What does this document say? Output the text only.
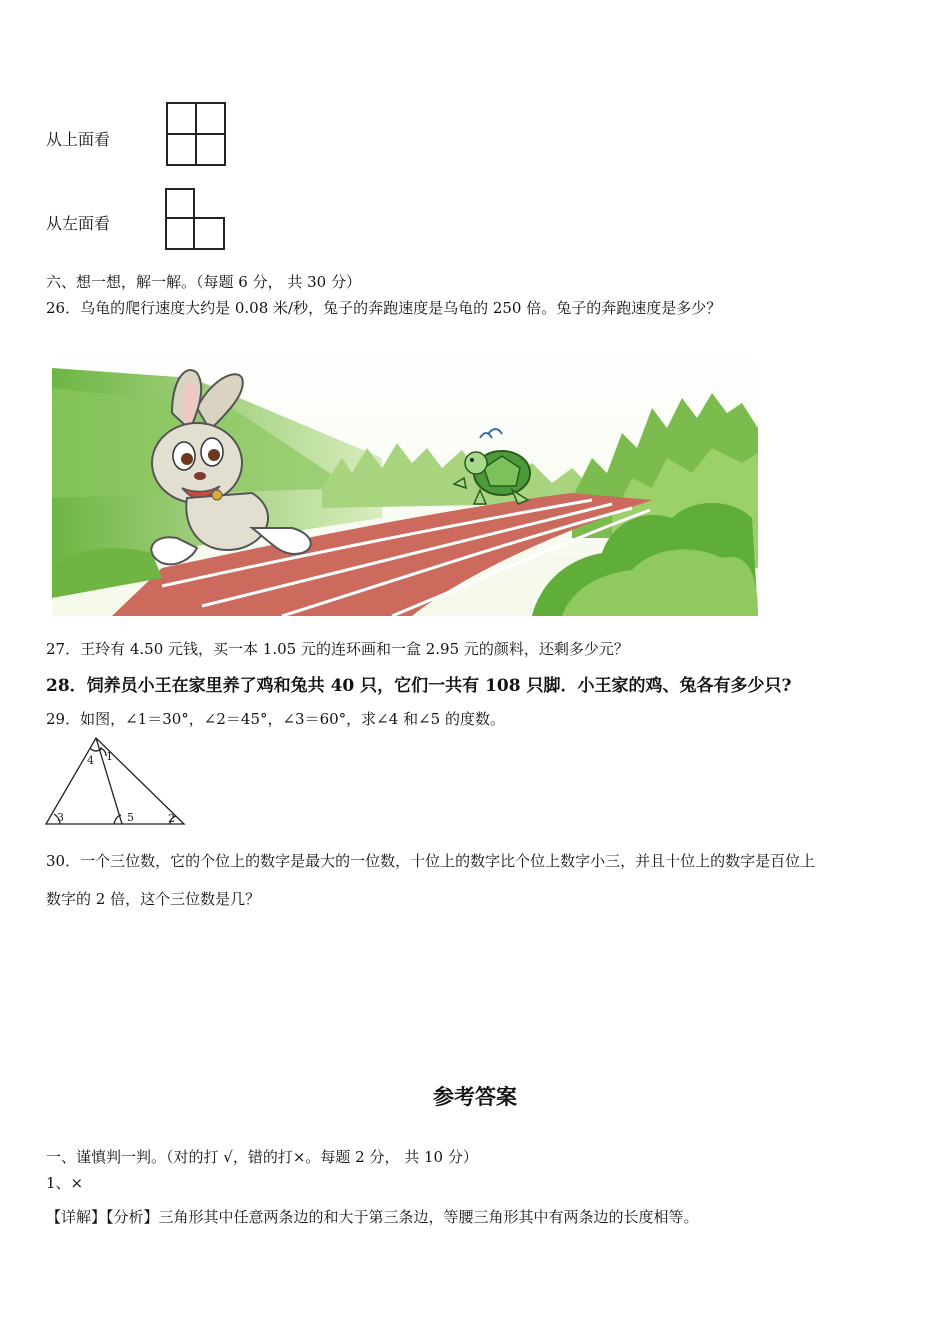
从上面看
从左面看
六、想一想，解一解。（每题 6 分， 共 30 分）
26．乌龟的爬行速度大约是 0.08 米/秒，兔子的奔跑速度是乌龟的 250 倍。兔子的奔跑速度是多少？
27．王玲有 4.50 元钱，买一本 1.05 元的连环画和一盒 2.95 元的颜料，还剩多少元？
28．饲养员小王在家里养了鸡和兔共 40 只，它们一共有 108 只脚．小王家的鸡、兔各有多少只?
29．如图，∠1＝30°，∠2＝45°，∠3＝60°，求∠4 和∠5 的度数。
1
2
3
4
5
30．一个三位数，它的个位上的数字是最大的一位数，十位上的数字比个位上数字小三，并且十位上的数字是百位上
数字的 2 倍，这个三位数是几？
参考答案
一、谨慎判一判。（对的打 √，错的打×。每题 2 分， 共 10 分）
1、×
【详解】【分析】三角形其中任意两条边的和大于第三条边，等腰三角形其中有两条边的长度相等。
